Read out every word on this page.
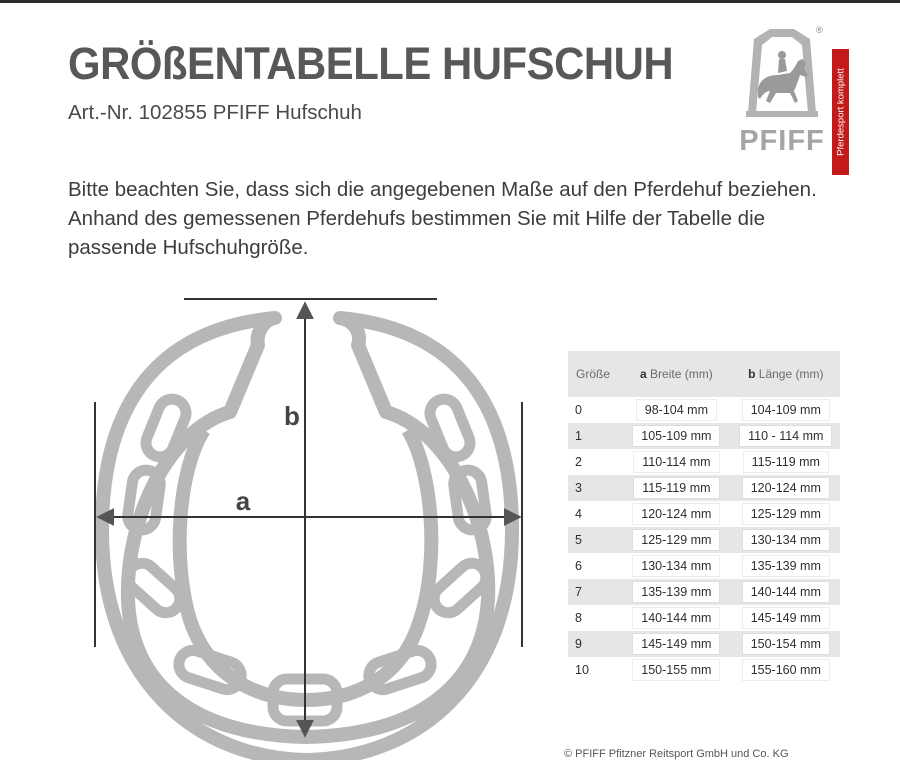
GRÖßENTABELLE HUFSCHUH
Art.-Nr. 102855 PFIFF Hufschuh
PFIFF	Pferdesport komplett
®
Bitte beachten Sie, dass sich die angegebenen Maße auf den Pferdehuf beziehen. Anhand des gemessenen Pferdehufs bestimmen Sie mit Hilfe der Tabelle die passende Hufschuhgröße.
b
a
Größe	a Breite (mm)	b Länge (mm)
0	98-104 mm	104-109 mm
1	105-109 mm	110 - 114 mm
2	110-114 mm	115-119 mm
3	115-119 mm	120-124 mm
4	120-124 mm	125-129 mm
5	125-129 mm	130-134 mm
6	130-134 mm	135-139 mm
7	135-139 mm	140-144 mm
8	140-144 mm	145-149 mm
9	145-149 mm	150-154 mm
10	150-155 mm	155-160 mm
© PFIFF Pfitzner Reitsport GmbH und Co. KG
